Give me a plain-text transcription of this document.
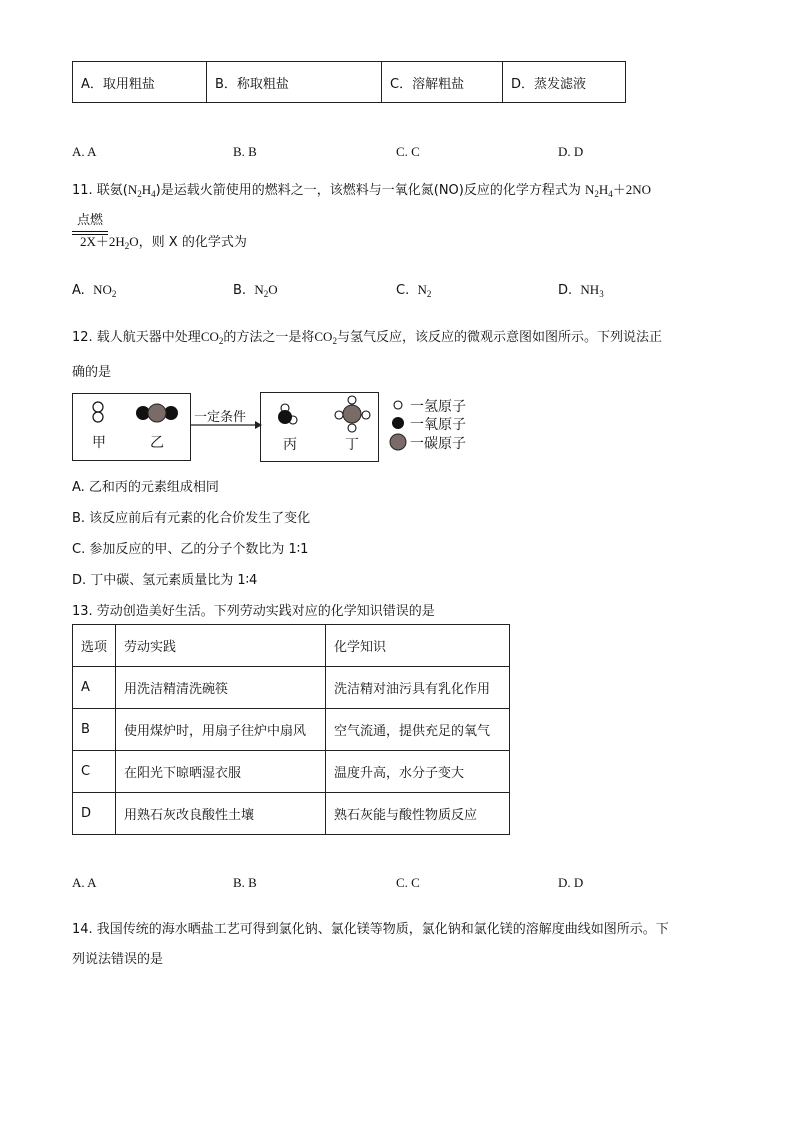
A．取用粗盐	B．称取粗盐	C．溶解粗盐	D．蒸发滤液
A. A	B. B	C. C	D. D
11. 联氨$(N_2H_4)$是运载火箭使用的燃料之一，该燃料与一氧化氮(NO)反应的化学方程式为 $N_2H_4+2NO$
点燃
$2X+2H_2O$，则 X 的化学式为
A. $NO_2$	B. $N_2O$	C. $N_2$	D. $NH_3$
12. 载人航天器中处理$CO_2$的方法之一是将$CO_2$与氢气反应，该反应的微观示意图如图所示。下列说法正
确的是
甲	乙
一定条件
丙	丁
一氢原子
一氧原子
一碳原子
A. 乙和丙的元素组成相同
B. 该反应前后有元素的化合价发生了变化
C. 参加反应的甲、乙的分子个数比为 1∶1
D. 丁中碳、氢元素质量比为 1∶4
13. 劳动创造美好生活。下列劳动实践对应的化学知识错误的是
选项	劳动实践	化学知识
A	用洗洁精清洗碗筷	洗洁精对油污具有乳化作用
B	使用煤炉时，用扇子往炉中扇风	空气流通，提供充足的氧气
C	在阳光下晾晒湿衣服	温度升高，水分子变大
D	用熟石灰改良酸性土壤	熟石灰能与酸性物质反应
A. A	B. B	C. C	D. D
14. 我国传统的海水晒盐工艺可得到氯化钠、氯化镁等物质，氯化钠和氯化镁的溶解度曲线如图所示。下
列说法错误的是
